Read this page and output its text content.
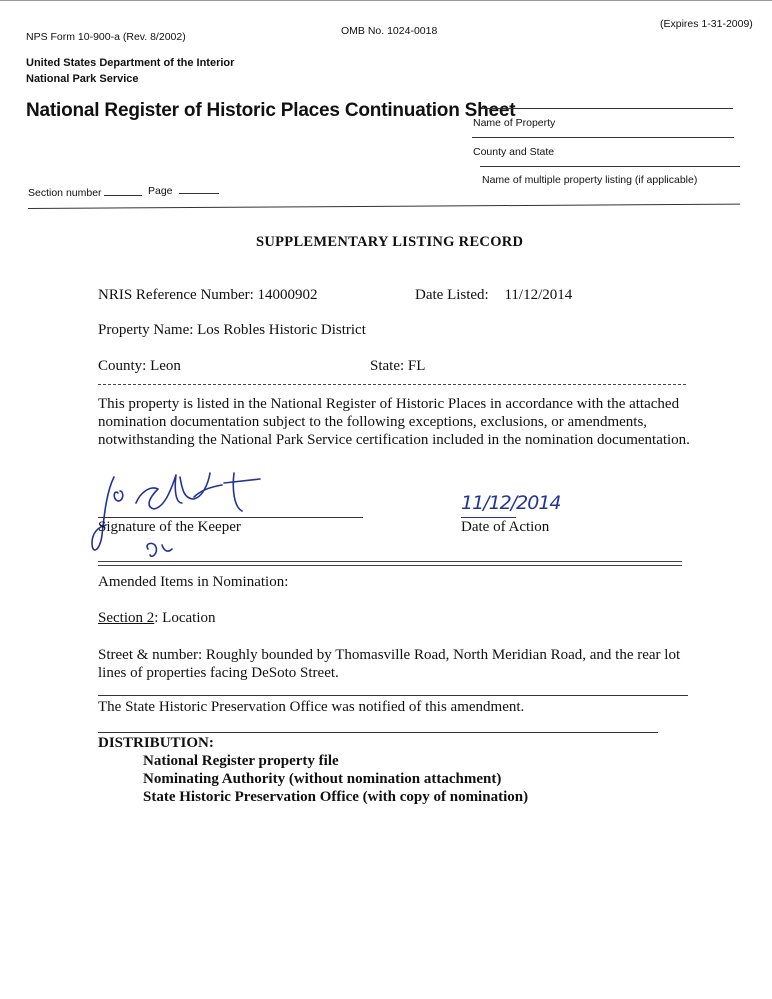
NPS Form 10-900-a (Rev. 8/2002)	OMB No. 1024-0018
(Expires 1-31-2009)
United States Department of the Interior
National Park Service
National Register of Historic Places Continuation Sheet
Name of Property
County and State
Name of multiple property listing (if applicable)
Section number	Page
SUPPLEMENTARY LISTING RECORD
NRIS Reference Number: 14000902	Date Listed: 11/12/2014
Property Name: Los Robles Historic District
County: Leon	State: FL
This property is listed in the National Register of Historic Places in accordance with the attached nomination documentation subject to the following exceptions, exclusions, or amendments, notwithstanding the National Park Service certification included in the nomination documentation.
Signature of the Keeper
11/12/2014
Date of Action
Amended Items in Nomination:
Section 2: Location
Street & number: Roughly bounded by Thomasville Road, North Meridian Road, and the rear lot lines of properties facing DeSoto Street.
The State Historic Preservation Office was notified of this amendment.
DISTRIBUTION:
National Register property file
Nominating Authority (without nomination attachment)
State Historic Preservation Office (with copy of nomination)
